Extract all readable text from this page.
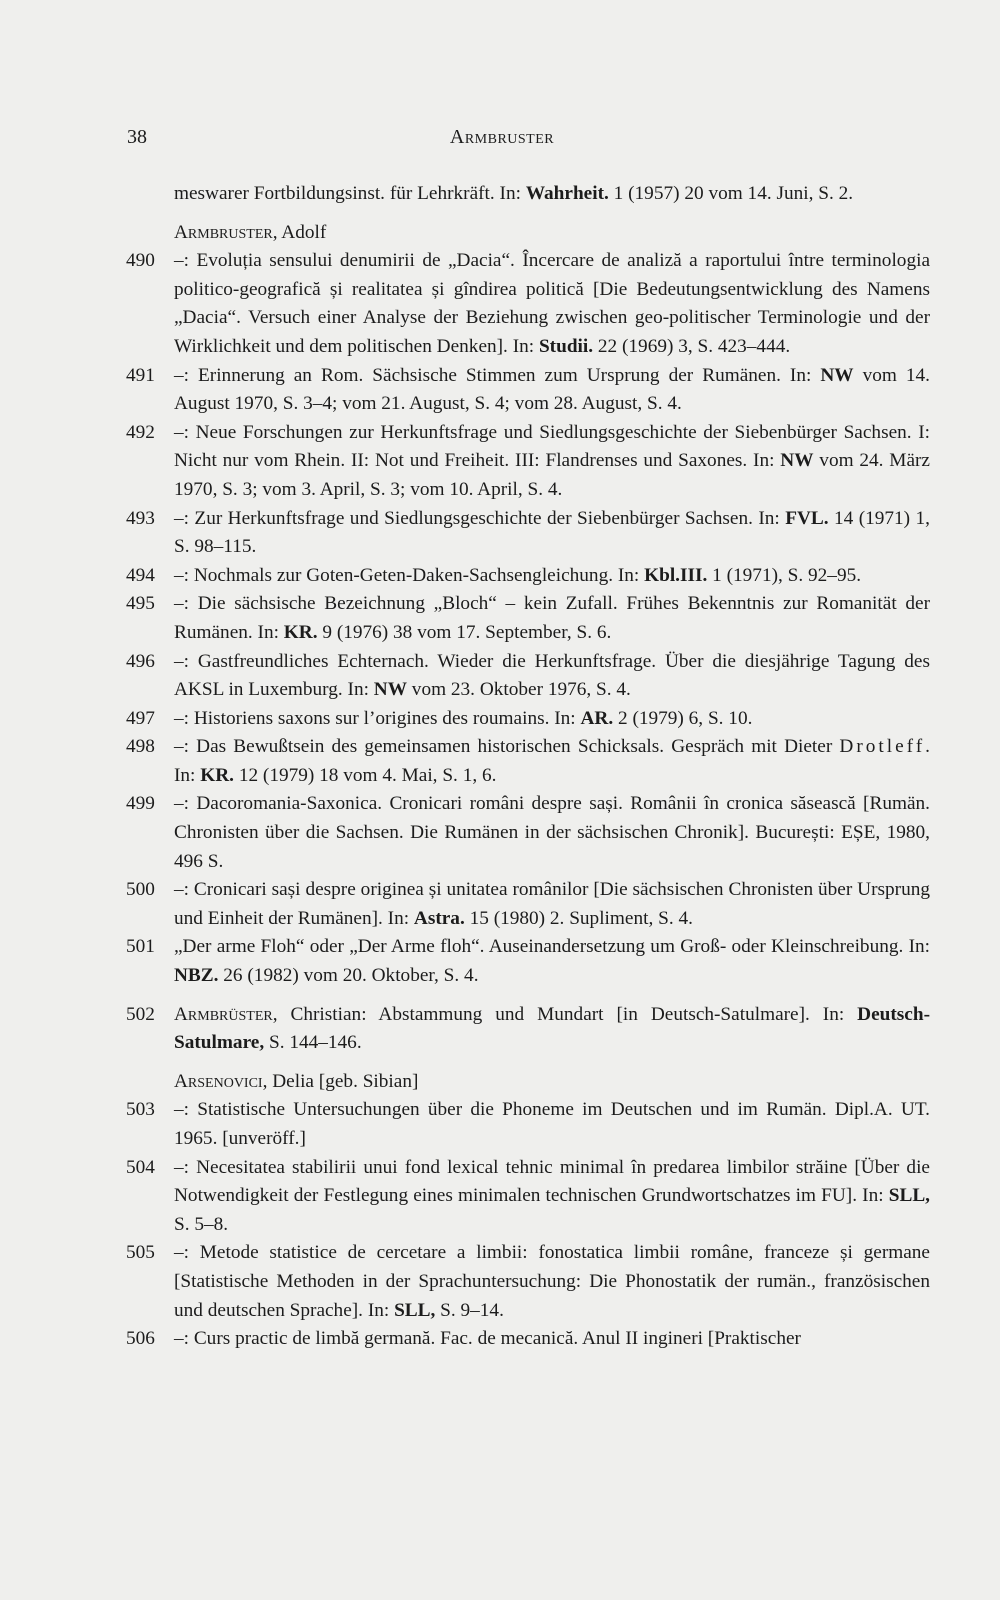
38	Armbruster
meswarer Fortbildungsinst. für Lehrkräft. In: Wahrheit. 1 (1957) 20 vom 14. Juni, S. 2.
Armbruster, Adolf
490 –: Evoluția sensului denumirii de „Dacia“. Încercare de analiză a raportului între terminologia politico-geografică și realitatea și gîndirea politică [Die Bedeutungsentwicklung des Namens „Dacia“. Versuch einer Analyse der Beziehung zwischen geo-politischer Terminologie und der Wirklichkeit und dem politischen Denken]. In: Studii. 22 (1969) 3, S. 423–444.
491 –: Erinnerung an Rom. Sächsische Stimmen zum Ursprung der Rumänen. In: NW vom 14. August 1970, S. 3–4; vom 21. August, S. 4; vom 28. August, S. 4.
492 –: Neue Forschungen zur Herkunftsfrage und Siedlungsgeschichte der Siebenbürger Sachsen. I: Nicht nur vom Rhein. II: Not und Freiheit. III: Flandrenses und Saxones. In: NW vom 24. März 1970, S. 3; vom 3. April, S. 3; vom 10. April, S. 4.
493 –: Zur Herkunftsfrage und Siedlungsgeschichte der Siebenbürger Sachsen. In: FVL. 14 (1971) 1, S. 98–115.
494 –: Nochmals zur Goten-Geten-Daken-Sachsengleichung. In: Kbl.III. 1 (1971), S. 92–95.
495 –: Die sächsische Bezeichnung „Bloch“ – kein Zufall. Frühes Bekenntnis zur Romanität der Rumänen. In: KR. 9 (1976) 38 vom 17. September, S. 6.
496 –: Gastfreundliches Echternach. Wieder die Herkunftsfrage. Über die diesjährige Tagung des AKSL in Luxemburg. In: NW vom 23. Oktober 1976, S. 4.
497 –: Historiens saxons sur l’origines des roumains. In: AR. 2 (1979) 6, S. 10.
498 –: Das Bewußtsein des gemeinsamen historischen Schicksals. Gespräch mit Dieter Drotleff. In: KR. 12 (1979) 18 vom 4. Mai, S. 1, 6.
499 –: Dacoromania-Saxonica. Cronicari români despre sași. Românii în cronica săsească [Rumän. Chronisten über die Sachsen. Die Rumänen in der sächsischen Chronik]. București: EȘE, 1980, 496 S.
500 –: Cronicari sași despre originea și unitatea românilor [Die sächsischen Chronisten über Ursprung und Einheit der Rumänen]. In: Astra. 15 (1980) 2. Supliment, S. 4.
501 „Der arme Floh“ oder „Der Arme floh“. Auseinandersetzung um Groß- oder Kleinschreibung. In: NBZ. 26 (1982) vom 20. Oktober, S. 4.
502 Armbrüster, Christian: Abstammung und Mundart [in Deutsch-Satulmare]. In: Deutsch-Satulmare, S. 144–146.
Arsenovici, Delia [geb. Sibian]
503 –: Statistische Untersuchungen über die Phoneme im Deutschen und im Rumän. Dipl.A. UT. 1965. [unveröff.]
504 –: Necesitatea stabilirii unui fond lexical tehnic minimal în predarea limbilor străine [Über die Notwendigkeit der Festlegung eines minimalen technischen Grundwortschatzes im FU]. In: SLL, S. 5–8.
505 –: Metode statistice de cercetare a limbii: fonostatica limbii române, franceze și germane [Statistische Methoden in der Sprachuntersuchung: Die Phonostatik der rumän., französischen und deutschen Sprache]. In: SLL, S. 9–14.
506 –: Curs practic de limbă germană. Fac. de mecanică. Anul II ingineri [Praktischer
